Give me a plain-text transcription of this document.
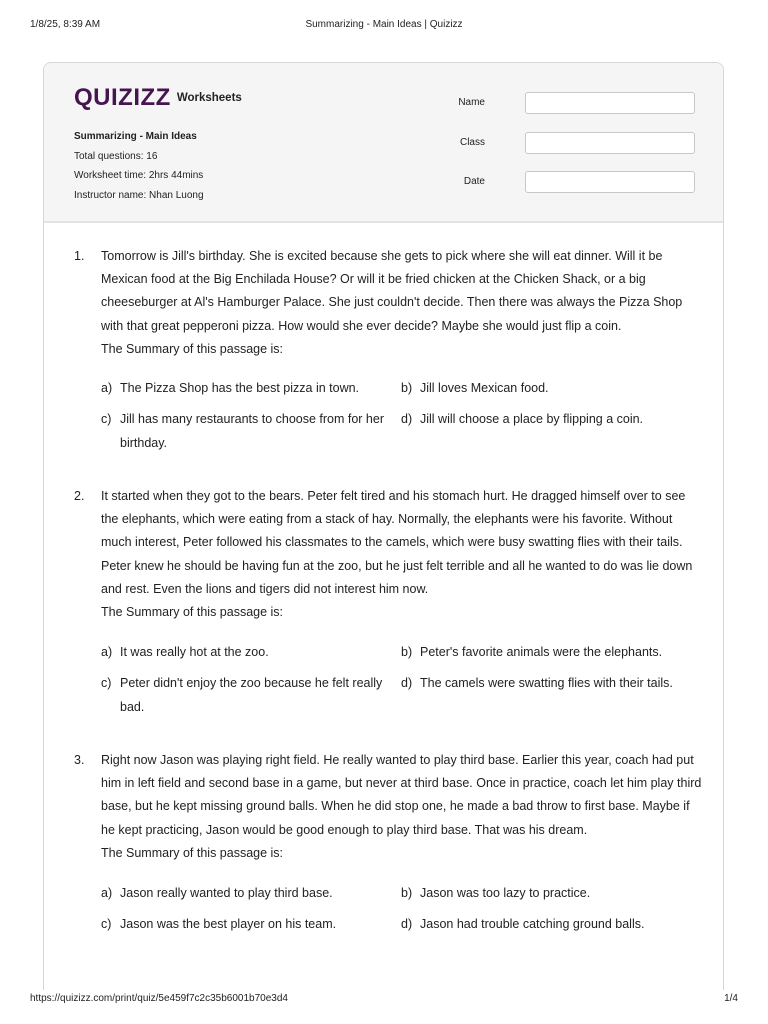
1/8/25, 8:39 AM	Summarizing - Main Ideas | Quizizz
QUIZIZZ Worksheets
Summarizing - Main Ideas
Total questions: 16
Worksheet time: 2hrs 44mins
Instructor name: Nhan Luong
Name
Class
Date
1. Tomorrow is Jill's birthday. She is excited because she gets to pick where she will eat dinner. Will it be Mexican food at the Big Enchilada House? Or will it be fried chicken at the Chicken Shack, or a big cheeseburger at Al's Hamburger Palace. She just couldn't decide. Then there was always the Pizza Shop with that great pepperoni pizza. How would she ever decide? Maybe she would just flip a coin.
The Summary of this passage is:
a) The Pizza Shop has the best pizza in town.	b) Jill loves Mexican food.
c) Jill has many restaurants to choose from for her birthday.
d) Jill will choose a place by flipping a coin.
2. It started when they got to the bears. Peter felt tired and his stomach hurt. He dragged himself over to see the elephants, which were eating from a stack of hay. Normally, the elephants were his favorite. Without much interest, Peter followed his classmates to the camels, which were busy swatting flies with their tails. Peter knew he should be having fun at the zoo, but he just felt terrible and all he wanted to do was lie down and rest. Even the lions and tigers did not interest him now.
The Summary of this passage is:
a) It was really hot at the zoo.	b) Peter's favorite animals were the elephants.
c) Peter didn't enjoy the zoo because he felt really bad.
d) The camels were swatting flies with their tails.
3. Right now Jason was playing right field. He really wanted to play third base. Earlier this year, coach had put him in left field and second base in a game, but never at third base. Once in practice, coach let him play third base, but he kept missing ground balls. When he did stop one, he made a bad throw to first base. Maybe if he kept practicing, Jason would be good enough to play third base. That was his dream.
The Summary of this passage is:
a) Jason really wanted to play third base.	b) Jason was too lazy to practice.
c) Jason was the best player on his team.	d) Jason had trouble catching ground balls.
https://quizizz.com/print/quiz/5e459f7c2c35b6001b70e3d4	1/4
